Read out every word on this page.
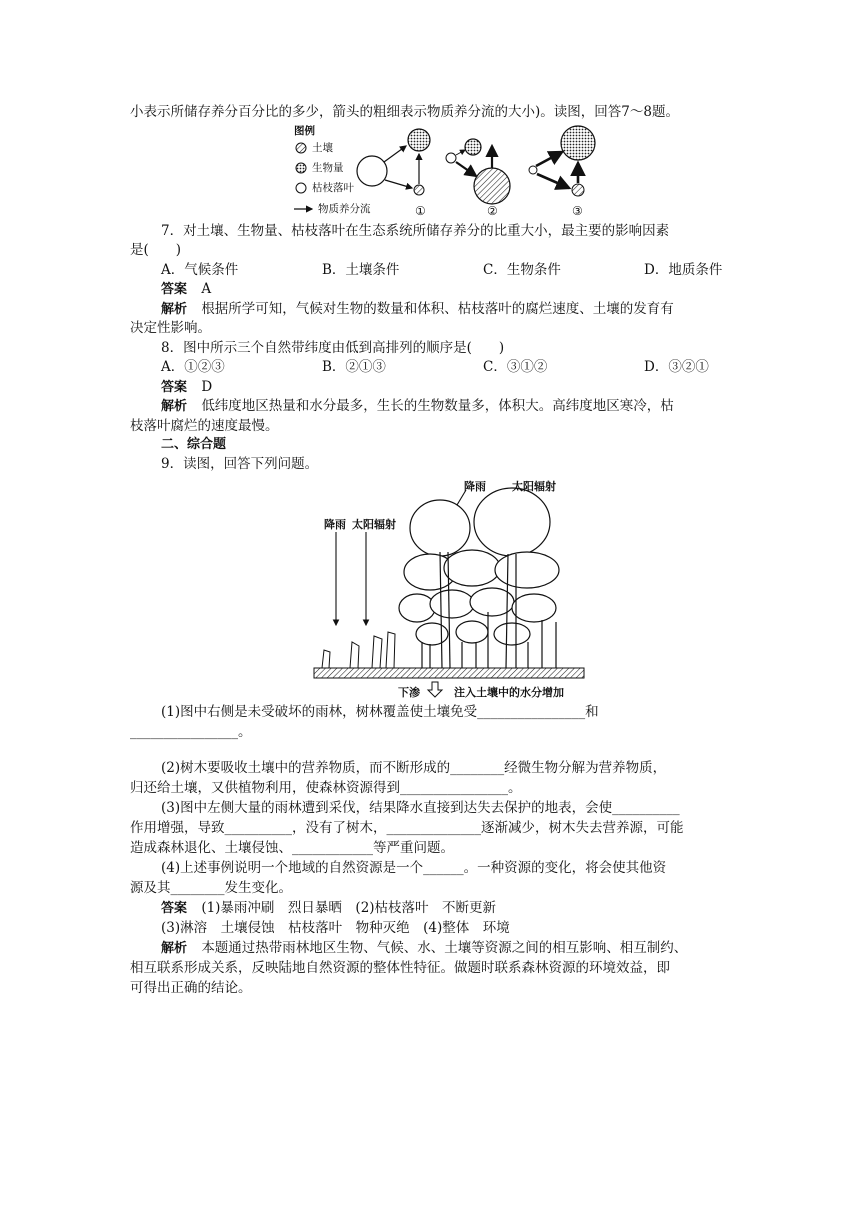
小表示所储存养分百分比的多少，箭头的粗细表示物质养分流的大小)。读图，回答7～8题。
图例
土壤
生物量
枯枝落叶
物质养分流	①	②	③
7．对土壤、生物量、枯枝落叶在生态系统所储存养分的比重大小，最主要的影响因素
是(　　)
A．气候条件	B．土壤条件	C．生物条件	D．地质条件
答案 A
解析 根据所学可知，气候对生物的数量和体积、枯枝落叶的腐烂速度、土壤的发育有
决定性影响。
8．图中所示三个自然带纬度由低到高排列的顺序是(　　)
A．①②③	B．②①③	C．③①②	D．③②①
答案 D
解析 低纬度地区热量和水分最多，生长的生物数量多，体积大。高纬度地区寒冷，枯
枝落叶腐烂的速度最慢。
二、综合题
9．读图，回答下列问题。
降雨 太阳辐射
降雨 太阳辐射
下渗	注入土壤中的水分增加
(1)图中右侧是未受破坏的雨林，树林覆盖使土壤免受________________和
________________。
(2)树木要吸收土壤中的营养物质，而不断形成的________经微生物分解为营养物质，
归还给土壤，又供植物利用，使森林资源得到________________。
(3)图中左侧大量的雨林遭到采伐，结果降水直接到达失去保护的地表，会使__________
作用增强，导致__________，没有了树木，______________逐渐减少，树木失去营养源，可能
造成森林退化、土壤侵蚀、____________等严重问题。
(4)上述事例说明一个地域的自然资源是一个______。一种资源的变化，将会使其他资
源及其________发生变化。
答案 (1)暴雨冲刷　烈日暴晒　(2)枯枝落叶　不断更新
(3)淋溶　土壤侵蚀　枯枝落叶　物种灭绝　(4)整体　环境
解析 本题通过热带雨林地区生物、气候、水、土壤等资源之间的相互影响、相互制约、
相互联系形成关系，反映陆地自然资源的整体性特征。做题时联系森林资源的环境效益，即
可得出正确的结论。
